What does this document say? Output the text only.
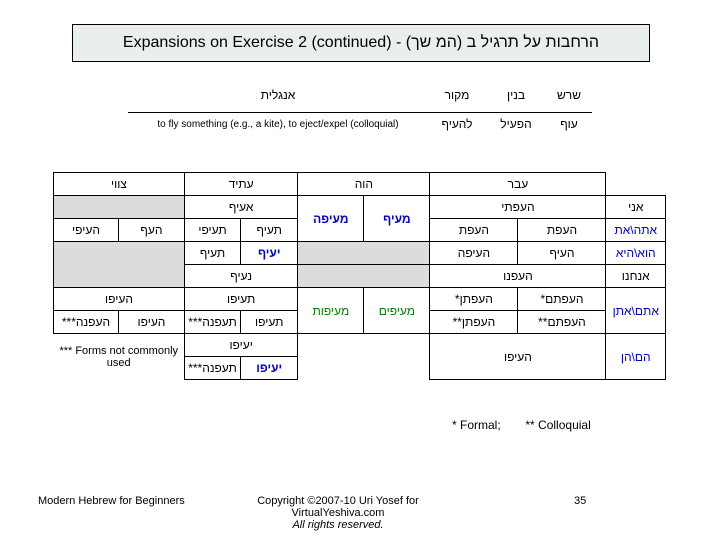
Expansions on Exercise 2 (continued) - הרחבות על תרגיל ב (המ שך)
אנגלית	מקור	בנין	שרש
to fly something (e.g., a kite), to eject/expel (colloquial)	להעיף	הפעיל	עוף
צווי		עתיד		הוה		עבר		
		אעיף		מעיפה	מעיף	העפתי		אני
העיפי	העף	תעיפי	תעיף			העפת	העפת	אתה\את
		תעיף	יעיף			העיפה	העיף	הוא\היא
		נעיף				העפנו		אנחנו
העיפו		תעיפו		מעיפות	מעיפים	העפתן*	העפתם*	אתם\אתן
העפנה***	העיפו	תעפנה***	תעיפו			העפתן**	העפתם**	
*** Forms not commonly used		יעיפו				העיפו		הם\הן
		תעפנה***	יעיפו					
* Formal; ** Colloquial
Modern Hebrew for Beginners	Copyright ©2007-10 Uri Yosef for VirtualYeshiva.com
All rights reserved.
35
